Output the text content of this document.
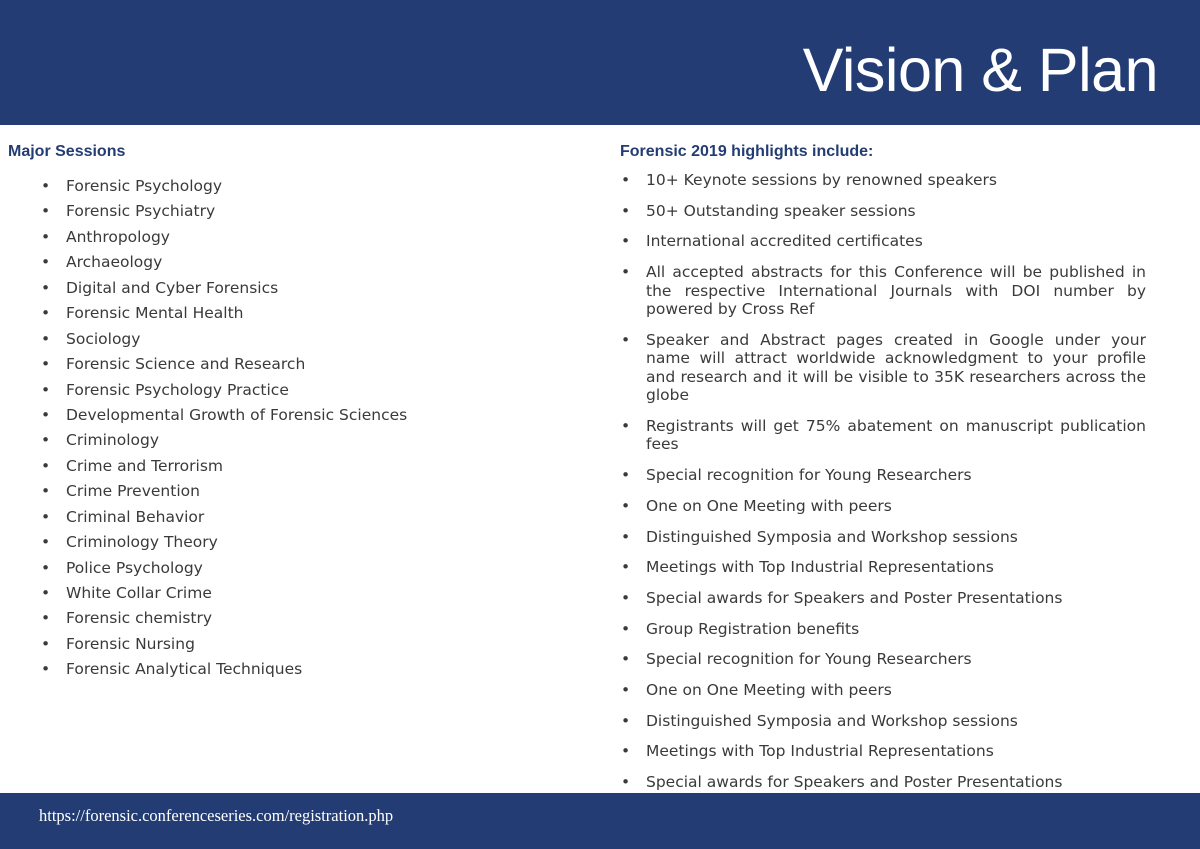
Vision & Plan
Major Sessions
• Forensic Psychology
• Forensic Psychiatry
• Anthropology
• Archaeology
• Digital and Cyber Forensics
• Forensic Mental Health
• Sociology
• Forensic Science and Research
• Forensic Psychology Practice
• Developmental Growth of Forensic Sciences
• Criminology
• Crime and Terrorism
• Crime Prevention
• Criminal Behavior
• Criminology Theory
• Police Psychology
• White Collar Crime
• Forensic chemistry
• Forensic Nursing
• Forensic Analytical Techniques
Forensic 2019 highlights include:
• 10+ Keynote sessions by renowned speakers
• 50+ Outstanding speaker sessions
• International accredited certificates
• All accepted abstracts for this Conference will be published in the respective International Journals with DOI number by powered by Cross Ref
• Speaker and Abstract pages created in Google under your name will attract worldwide acknowledgment to your profile and research and it will be visible to 35K researchers across the globe
• Registrants will get 75% abatement on manuscript publication fees
• Special recognition for Young Researchers
• One on One Meeting with peers
• Distinguished Symposia and Workshop sessions
• Meetings with Top Industrial Representations
• Special awards for Speakers and Poster Presentations
• Group Registration benefits
• Special recognition for Young Researchers
• One on One Meeting with peers
• Distinguished Symposia and Workshop sessions
• Meetings with Top Industrial Representations
• Special awards for Speakers and Poster Presentations
https://forensic.conferenceseries.com/registration.php
